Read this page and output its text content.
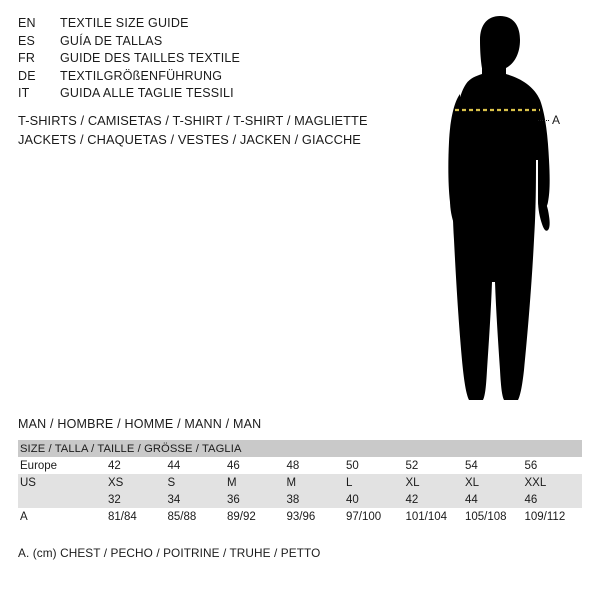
EN	TEXTILE SIZE GUIDE
ES	GUÍA DE TALLAS
FR	GUIDE DES TAILLES TEXTILE
DE	TEXTILGRÖßENFÜHRUNG
IT	GUIDA ALLE TAGLIE TESSILI
T-SHIRTS / CAMISETAS / T-SHIRT / T-SHIRT / MAGLIETTE
JACKETS / CHAQUETAS / VESTES / JACKEN / GIACCHE
A
MAN / HOMBRE / HOMME / MANN / MAN
SIZE / TALLA / TAILLE / GRÖSSE / TAGLIA								

Europe	42	44	46	48	50	52	54	56

US	XS	S	M	M	L	XL	XL	XXL

	32	34	36	38	40	42	44	46

A	81/84	85/88	89/92	93/96	97/100	101/104	105/108	109/112
A. (cm) CHEST / PECHO / POITRINE / TRUHE / PETTO
